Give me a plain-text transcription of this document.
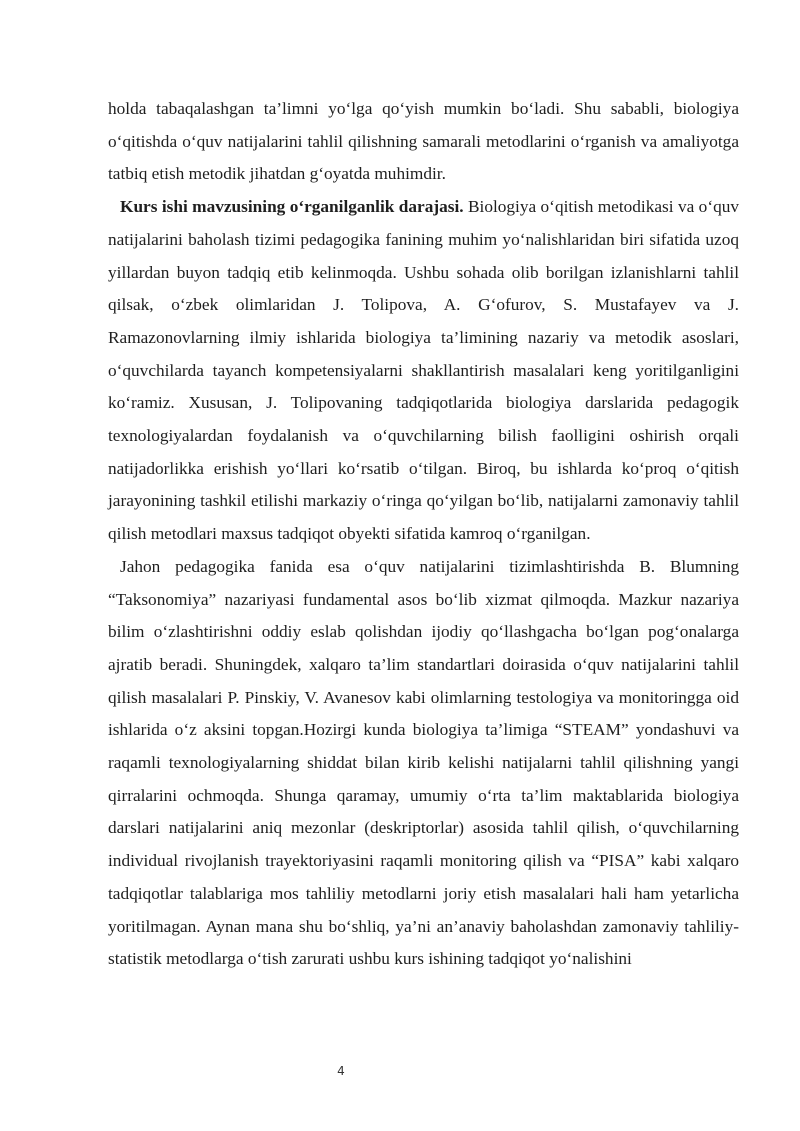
holda tabaqalashgan ta’limni yo‘lga qo‘yish mumkin bo‘ladi. Shu sababli, biologiya o‘qitishda o‘quv natijalarini tahlil qilishning samarali metodlarini o‘rganish va amaliyotga tatbiq etish metodik jihatdan g‘oyatda muhimdir.

Kurs ishi mavzusining o‘rganilganlik darajasi. Biologiya o‘qitish metodikasi va o‘quv natijalarini baholash tizimi pedagogika fanining muhim yo‘nalishlaridan biri sifatida uzoq yillardan buyon tadqiq etib kelinmoqda. Ushbu sohada olib borilgan izlanishlarni tahlil qilsak, o‘zbek olimlaridan J. Tolipova, A. G‘ofurov, S. Mustafayev va J. Ramazonovlarning ilmiy ishlarida biologiya ta’limining nazariy va metodik asoslari, o‘quvchilarda tayanch kompetensiyalarni shakllantirish masalalari keng yoritilganligini ko‘ramiz. Xususan, J. Tolipovaning tadqiqotlarida biologiya darslarida pedagogik texnologiyalardan foydalanish va o‘quvchilarning bilish faolligini oshirish orqali natijadorlikka erishish yo‘llari ko‘rsatib o‘tilgan. Biroq, bu ishlarda ko‘proq o‘qitish jarayonining tashkil etilishi markaziy o‘ringa qo‘yilgan bo‘lib, natijalarni zamonaviy tahlil qilish metodlari maxsus tadqiqot obyekti sifatida kamroq o‘rganilgan.

Jahon pedagogika fanida esa o‘quv natijalarini tizimlashtirishda B. Blumning “Taksonomiya” nazariyasi fundamental asos bo‘lib xizmat qilmoqda. Mazkur nazariya bilim o‘zlashtirishni oddiy eslab qolishdan ijodiy qo‘llashgacha bo‘lgan pog‘onalarga ajratib beradi. Shuningdek, xalqaro ta’lim standartlari doirasida o‘quv natijalarini tahlil qilish masalalari P. Pinskiy, V. Avanesov kabi olimlarning testologiya va monitoringga oid ishlarida o‘z aksini topgan.Hozirgi kunda biologiya ta’limiga “STEAM” yondashuvi va raqamli texnologiyalarning shiddat bilan kirib kelishi natijalarni tahlil qilishning yangi qirralarini ochmoqda. Shunga qaramay, umumiy o‘rta ta’lim maktablarida biologiya darslari natijalarini aniq mezonlar (deskriptorlar) asosida tahlil qilish, o‘quvchilarning individual rivojlanish trayektoriyasini raqamli monitoring qilish va “PISA” kabi xalqaro tadqiqotlar talablariga mos tahliliy metodlarni joriy etish masalalari hali ham yetarlicha yoritilmagan. Aynan mana shu bo‘shliq, ya’ni an’anaviy baholashdan zamonaviy tahliliy-statistik metodlarga o‘tish zarurati ushbu kurs ishining tadqiqot yo‘nalishini

4
